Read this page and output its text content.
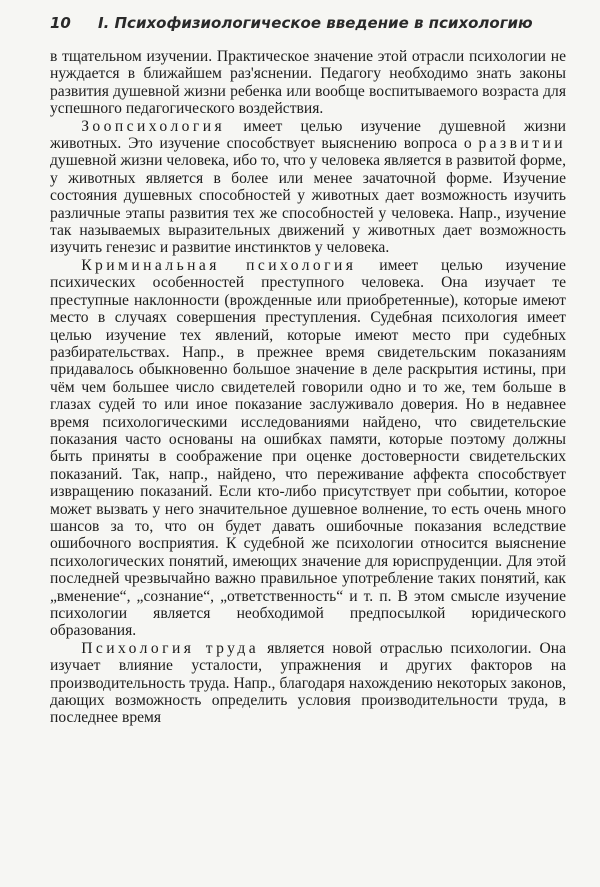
10	I. Психофизиологическое введение в психологию

в тщательном изучении. Практическое значение этой отрасли психологии не нуждается в ближайшем раз'яснении. Педагогу необходимо знать законы развития душевной жизни ребенка или вообще воспитываемого возраста для успешного педагогического воздействия.

Зоопсихология имеет целью изучение душевной жизни животных. Это изучение способствует выяснению вопроса о развитии душевной жизни человека, ибо то, что у человека является в развитой форме, у животных является в более или менее зачаточной форме. Изучение состояния душевных способностей у животных дает возможность изучить различные этапы развития тех же способностей у человека. Напр., изучение так называемых выразительных движений у животных дает возможность изучить генезис и развитие инстинктов у человека.

Криминальная психология имеет целью изучение психических особенностей преступного человека. Она изучает те преступные наклонности (врожденные или приобретенные), которые имеют место в случаях совершения преступления. Судебная психология имеет целью изучение тех явлений, которые имеют место при судебных разбирательствах. Напр., в прежнее время свидетельским показаниям придавалось обыкновенно большое значение в деле раскрытия истины, при чём чем большее число свидетелей говорили одно и то же, тем больше в глазах судей то или иное показание заслуживало доверия. Но в недавнее время психологическими исследованиями найдено, что свидетельские показания часто основаны на ошибках памяти, которые поэтому должны быть приняты в соображение при оценке достоверности свидетельских показаний. Так, напр., найдено, что переживание аффекта способствует извращению показаний. Если кто-либо присутствует при событии, которое может вызвать у него значительное душевное волнение, то есть очень много шансов за то, что он будет давать ошибочные показания вследствие ошибочного восприятия. К судебной же психологии относится выяснение психологических понятий, имеющих значение для юриспруденции. Для этой последней чрезвычайно важно правильное употребление таких понятий, как „вменение“, „сознание“, „ответственность“ и т. п. В этом смысле изучение психологии является необходимой предпосылкой юридического образования.

Психология труда является новой отраслью психологии. Она изучает влияние усталости, упражнения и других факторов на производительность труда. Напр., благодаря нахождению некоторых законов, дающих возможность определить условия производительности труда, в последнее время
